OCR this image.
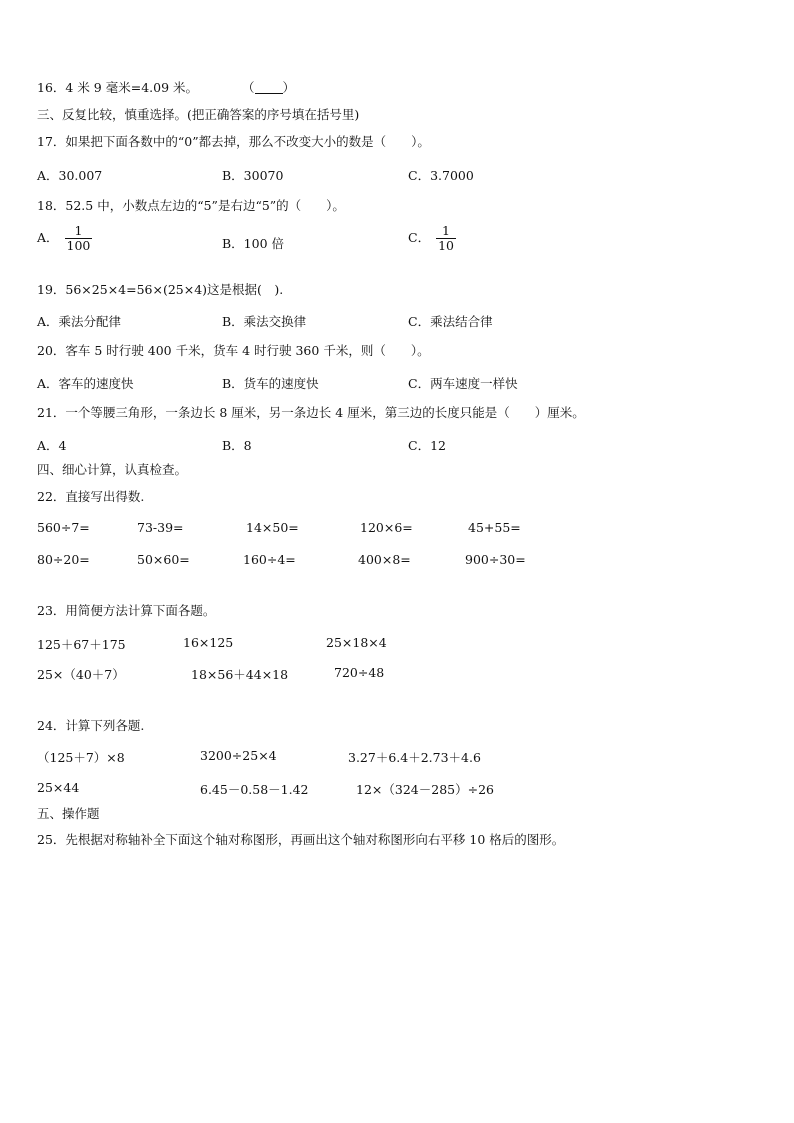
16．4 米 9 毫米=4.09 米。	（ ）
三、反复比较，慎重选择。(把正确答案的序号填在括号里)
17．如果把下面各数中的“0”都去掉，那么不改变大小的数是（　　）。
A．30.007	B．30070	C．3.7000
18．52.5 中，小数点左边的“5”是右边“5”的（　　）。
A． $\frac{1}{100}$	B．100 倍	C． $\frac{1}{10}$
19．56×25×4=56×(25×4)这是根据(　).
A．乘法分配律	B．乘法交换律	C．乘法结合律
20．客车 5 时行驶 400 千米，货车 4 时行驶 360 千米，则（　　）。
A．客车的速度快	B．货车的速度快	C．两车速度一样快
21．一个等腰三角形，一条边长 8 厘米，另一条边长 4 厘米，第三边的长度只能是（　　）厘米。
A．4	B．8	C．12
四、细心计算，认真检查。
22．直接写出得数.
560÷7=	73-39=	14×50=	120×6=	45+55=
80÷20=	50×60=	160÷4=	400×8=	900÷30=
23．用简便方法计算下面各题。
125＋67＋175	16×125	25×18×4
25×（40＋7）	18×56＋44×18	720÷48
24．计算下列各题.
（125＋7）×8	3200÷25×4	3.27＋6.4＋2.73＋4.6
25×44	6.45－0.58－1.42	12×（324－285）÷26
五、操作题
25．先根据对称轴补全下面这个轴对称图形，再画出这个轴对称图形向右平移 10 格后的图形。
